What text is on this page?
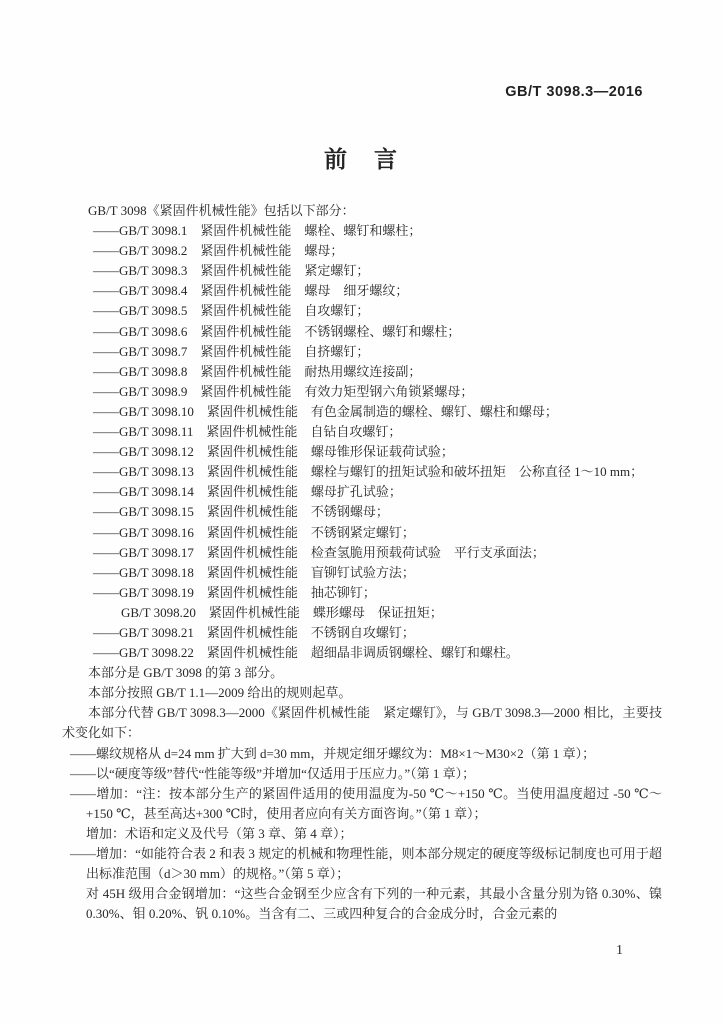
GB/T 3098.3—2016
前　言

GB/T 3098《紧固件机械性能》包括以下部分：

——GB/T 3098.1　紧固件机械性能　螺栓、螺钉和螺柱；
——GB/T 3098.2　紧固件机械性能　螺母；
——GB/T 3098.3　紧固件机械性能　紧定螺钉；
——GB/T 3098.4　紧固件机械性能　螺母　细牙螺纹；
——GB/T 3098.5　紧固件机械性能　自攻螺钉；
——GB/T 3098.6　紧固件机械性能　不锈钢螺栓、螺钉和螺柱；
——GB/T 3098.7　紧固件机械性能　自挤螺钉；
——GB/T 3098.8　紧固件机械性能　耐热用螺纹连接副；
——GB/T 3098.9　紧固件机械性能　有效力矩型钢六角锁紧螺母；
——GB/T 3098.10　紧固件机械性能　有色金属制造的螺栓、螺钉、螺柱和螺母；
——GB/T 3098.11　紧固件机械性能　自钻自攻螺钉；
——GB/T 3098.12　紧固件机械性能　螺母锥形保证载荷试验；
——GB/T 3098.13　紧固件机械性能　螺栓与螺钉的扭矩试验和破坏扭矩　公称直径 1～10 mm；
——GB/T 3098.14　紧固件机械性能　螺母扩孔试验；
——GB/T 3098.15　紧固件机械性能　不锈钢螺母；
——GB/T 3098.16　紧固件机械性能　不锈钢紧定螺钉；
——GB/T 3098.17　紧固件机械性能　检查氢脆用预载荷试验　平行支承面法；
——GB/T 3098.18　紧固件机械性能　盲铆钉试验方法；
——GB/T 3098.19　紧固件机械性能　抽芯铆钉；
GB/T 3098.20　紧固件机械性能　蝶形螺母　保证扭矩；
——GB/T 3098.21　紧固件机械性能　不锈钢自攻螺钉；
——GB/T 3098.22　紧固件机械性能　超细晶非调质钢螺栓、螺钉和螺柱。

本部分是 GB/T 3098 的第 3 部分。

本部分按照 GB/T 1.1—2009 给出的规则起草。

本部分代替 GB/T 3098.3—2000《紧固件机械性能　紧定螺钉》，与 GB/T 3098.3—2000 相比，主要技术变化如下：

——螺纹规格从 d=24 mm 扩大到 d=30 mm，并规定细牙螺纹为：M8×1～M30×2（第 1 章）；
——以“硬度等级”替代“性能等级”并增加“仅适用于压应力。”（第 1 章）；
——增加：“注：按本部分生产的紧固件适用的使用温度为-50 ℃～+150 ℃。当使用温度超过 -50 ℃～+150 ℃，甚至高达+300 ℃时，使用者应向有关方面咨询。”（第 1 章）；
增加：术语和定义及代号（第 3 章、第 4 章）；
——增加：“如能符合表 2 和表 3 规定的机械和物理性能，则本部分规定的硬度等级标记制度也可用于超出标准范围（d＞30 mm）的规格。”（第 5 章）；
对 45H 级用合金钢增加：“这些合金钢至少应含有下列的一种元素，其最小含量分别为铬 0.30%、镍 0.30%、钼 0.20%、钒 0.10%。当含有二、三或四种复合的合金成分时，合金元素的
1
